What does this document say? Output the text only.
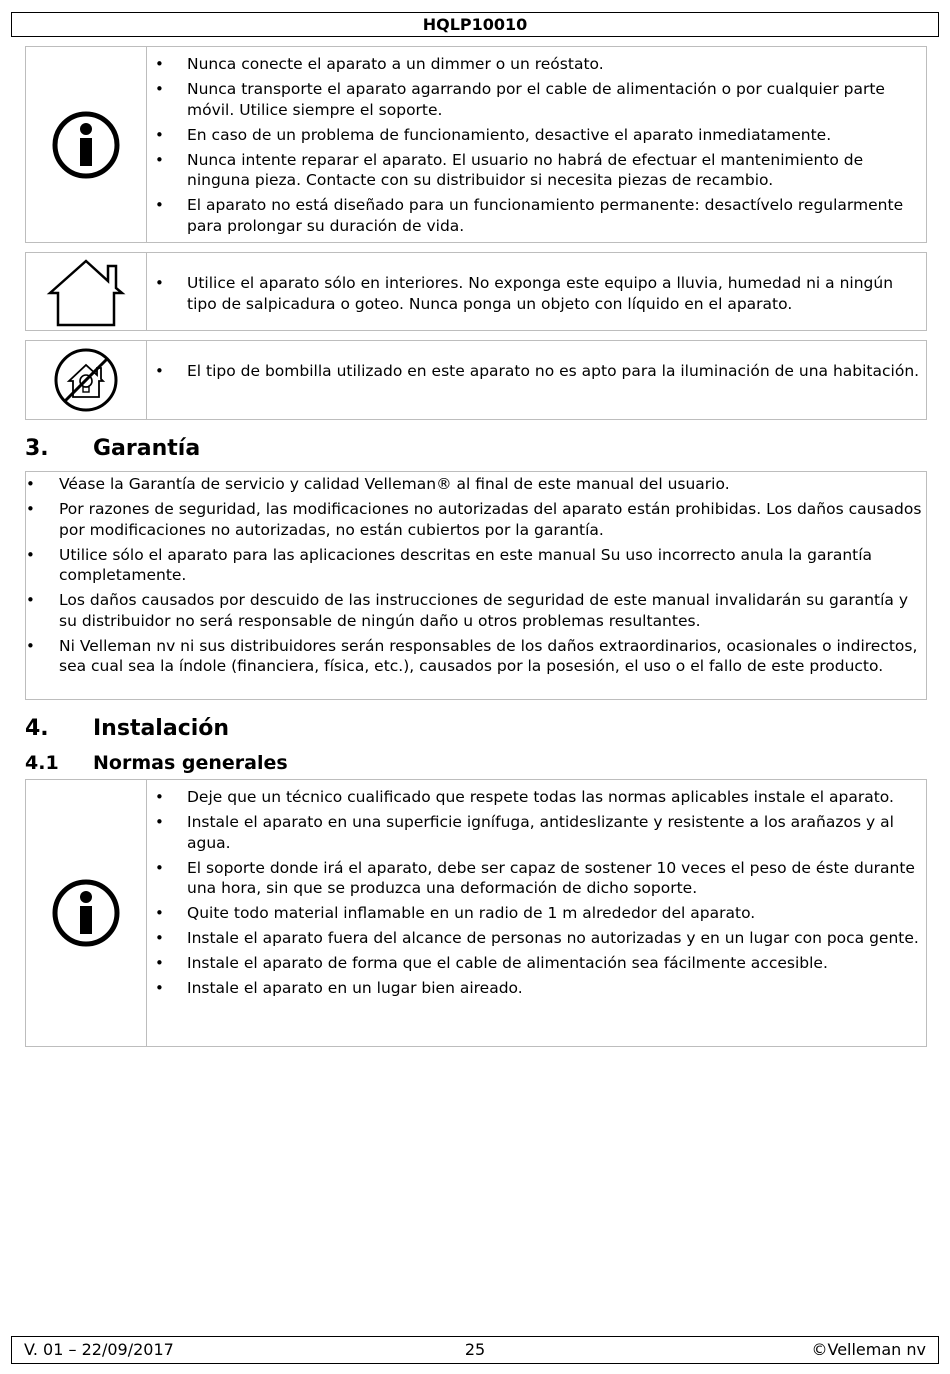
HQLP10010
• Nunca conecte el aparato a un dimmer o un reóstato.
• Nunca transporte el aparato agarrando por el cable de alimentación o por cualquier parte móvil. Utilice siempre el soporte.
• En caso de un problema de funcionamiento, desactive el aparato inmediatamente.
• Nunca intente reparar el aparato. El usuario no habrá de efectuar el mantenimiento de ninguna pieza. Contacte con su distribuidor si necesita piezas de recambio.
• El aparato no está diseñado para un funcionamiento permanente: desactívelo regularmente para prolongar su duración de vida.
• Utilice el aparato sólo en interiores. No exponga este equipo a lluvia, humedad ni a ningún tipo de salpicadura o goteo. Nunca ponga un objeto con líquido en el aparato.
• El tipo de bombilla utilizado en este aparato no es apto para la iluminación de una habitación.
3. Garantía
• Véase la Garantía de servicio y calidad Velleman® al final de este manual del usuario.
• Por razones de seguridad, las modificaciones no autorizadas del aparato están prohibidas. Los daños causados por modificaciones no autorizadas, no están cubiertos por la garantía.
• Utilice sólo el aparato para las aplicaciones descritas en este manual Su uso incorrecto anula la garantía completamente.
• Los daños causados por descuido de las instrucciones de seguridad de este manual invalidarán su garantía y su distribuidor no será responsable de ningún daño u otros problemas resultantes.
• Ni Velleman nv ni sus distribuidores serán responsables de los daños extraordinarios, ocasionales o indirectos, sea cual sea la índole (financiera, física, etc.), causados por la posesión, el uso o el fallo de este producto.
4. Instalación
4.1 Normas generales
• Deje que un técnico cualificado que respete todas las normas aplicables instale el aparato.
• Instale el aparato en una superficie ignífuga, antideslizante y resistente a los arañazos y al agua.
• El soporte donde irá el aparato, debe ser capaz de sostener 10 veces el peso de éste durante una hora, sin que se produzca una deformación de dicho soporte.
• Quite todo material inflamable en un radio de 1 m alrededor del aparato.
• Instale el aparato fuera del alcance de personas no autorizadas y en un lugar con poca gente.
• Instale el aparato de forma que el cable de alimentación sea fácilmente accesible.
• Instale el aparato en un lugar bien aireado.
V. 01 – 22/09/2017	25	©Velleman nv
